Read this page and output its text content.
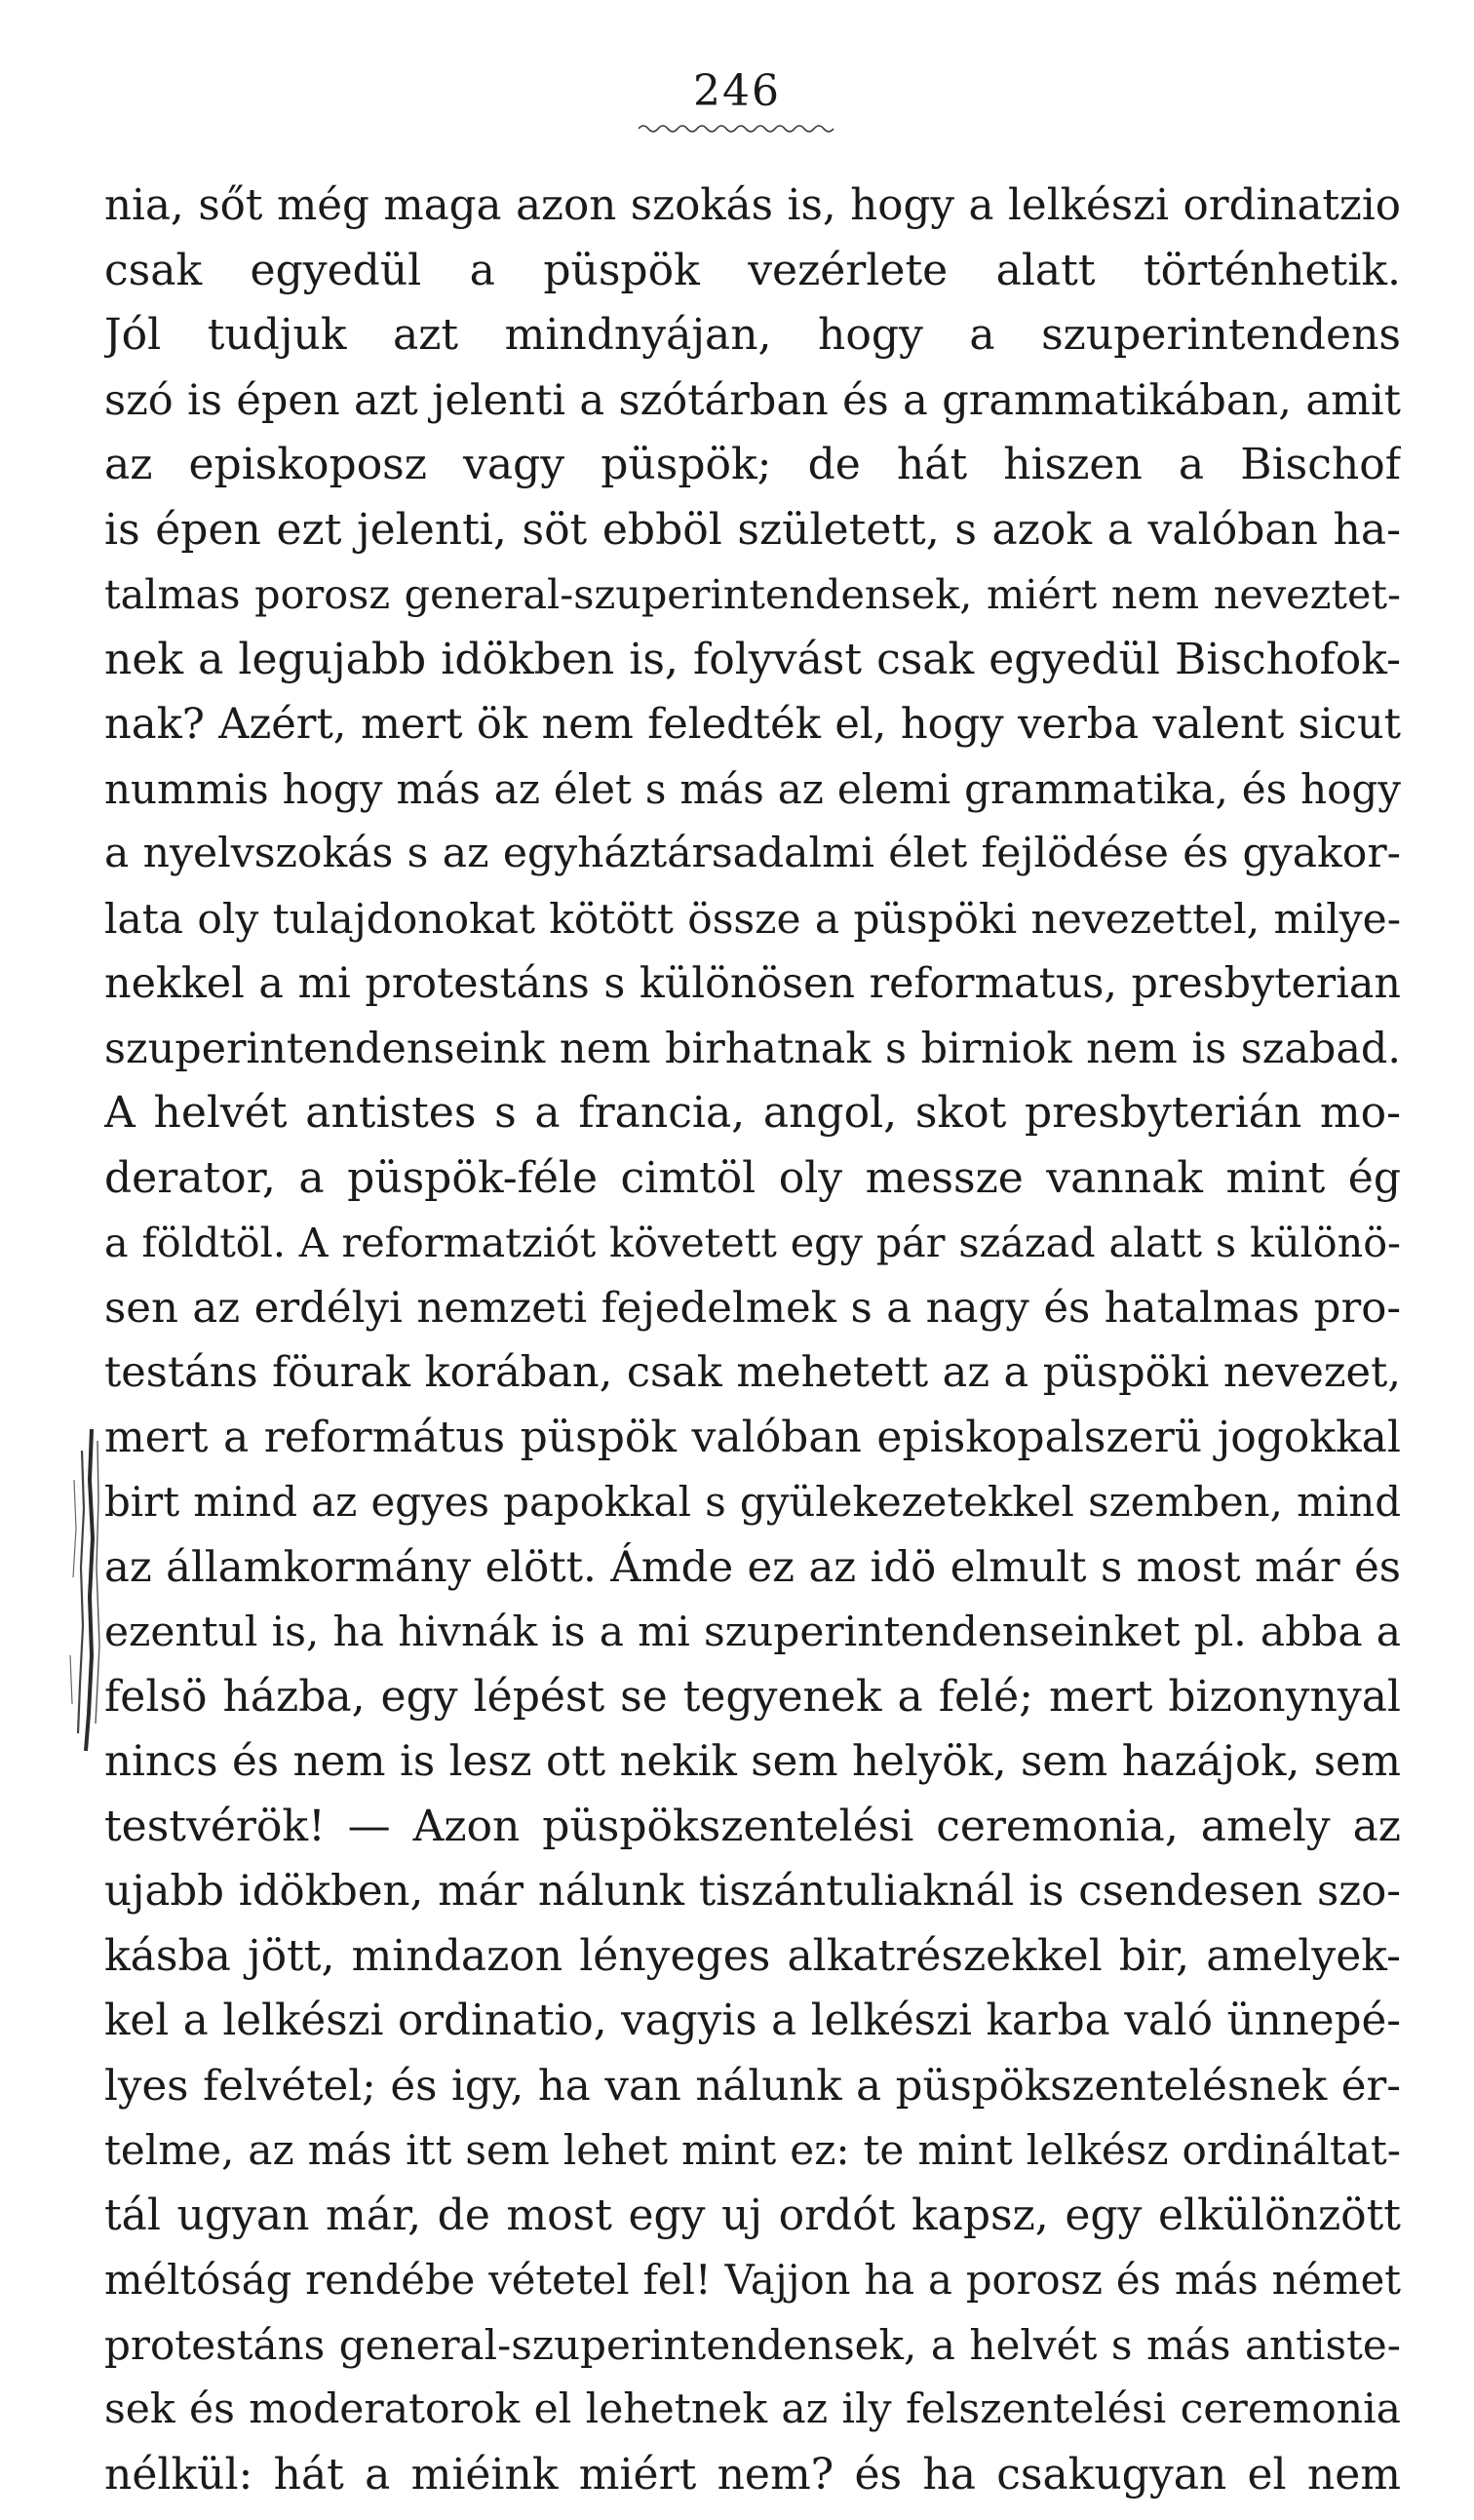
246
nia, sőt még maga azon szokás is, hogy a lelkészi ordinatzio
csak egyedül a püspök vezérlete alatt történhetik.
Jól tudjuk azt mindnyájan, hogy a szuperintendens
szó is épen azt jelenti a szótárban és a grammatikában, amit
az episkoposz vagy püspök; de hát hiszen a Bischof
is épen ezt jelenti, söt ebböl született, s azok a valóban ha-
talmas porosz general-szuperintendensek, miért nem neveztet-
nek a legujabb idökben is, folyvást csak egyedül Bischofok-
nak? Azért, mert ök nem feledték el, hogy verba valent sicut
nummis hogy más az élet s más az elemi grammatika, és hogy
a nyelvszokás s az egyháztársadalmi élet fejlödése és gyakor-
lata oly tulajdonokat kötött össze a püspöki nevezettel, milye-
nekkel a mi protestáns s különösen reformatus, presbyterian
szuperintendenseink nem birhatnak s birniok nem is szabad.
A helvét antistes s a francia, angol, skot presbyterián mo-
derator, a püspök-féle cimtöl oly messze vannak mint ég
a földtöl. A reformatziót követett egy pár század alatt s különö-
sen az erdélyi nemzeti fejedelmek s a nagy és hatalmas pro-
testáns föurak korában, csak mehetett az a püspöki nevezet,
mert a református püspök valóban episkopalszerü jogokkal
birt mind az egyes papokkal s gyülekezetekkel szemben, mind
az államkormány elött. Ámde ez az idö elmult s most már és
ezentul is, ha hivnák is a mi szuperintendenseinket pl. abba a
felsö házba, egy lépést se tegyenek a felé; mert bizonynyal
nincs és nem is lesz ott nekik sem helyök, sem hazájok, sem
testvérök! — Azon püspökszentelési ceremonia, amely az
ujabb idökben, már nálunk tiszántuliaknál is csendesen szo-
kásba jött, mindazon lényeges alkatrészekkel bir, amelyek-
kel a lelkészi ordinatio, vagyis a lelkészi karba való ünnepé-
lyes felvétel; és igy, ha van nálunk a püspökszentelésnek ér-
telme, az más itt sem lehet mint ez: te mint lelkész ordináltat-
tál ugyan már, de most egy uj ordót kapsz, egy elkülönzött
méltóság rendébe vétetel fel! Vajjon ha a porosz és más német
protestáns general-szuperintendensek, a helvét s más antiste-
sek és moderatorok el lehetnek az ily felszentelési ceremonia
nélkül: hát a miéink miért nem? és ha csakugyan el nem
